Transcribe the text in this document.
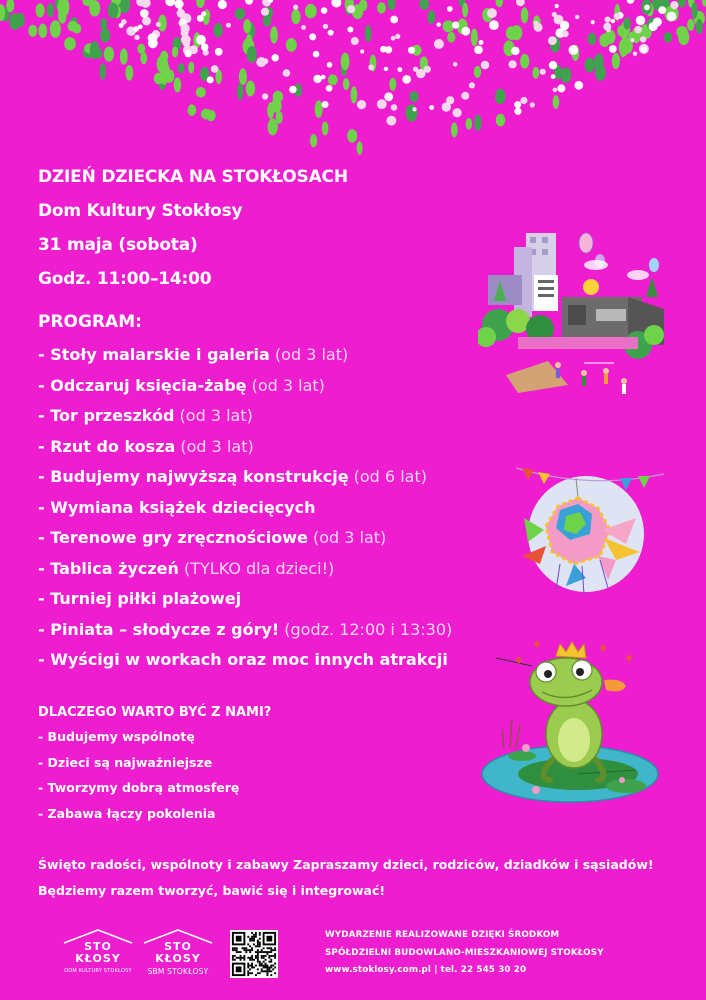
DZIEŃ DZIECKA NA STOKŁOSACH
Dom Kultury Stokłosy
31 maja (sobota)
Godz. 11:00–14:00
PROGRAM:
- Stoły malarskie i galeria (od 3 lat)
- Odczaruj księcia-żabę (od 3 lat)
- Tor przeszkód (od 3 lat)
- Rzut do kosza (od 3 lat)
- Budujemy najwyższą konstrukcję (od 6 lat)
- Wymiana książek dziecięcych
- Terenowe gry zręcznościowe (od 3 lat)
- Tablica życzeń (TYLKO dla dzieci!)
- Turniej piłki plażowej
- Piniata – słodycze z góry! (godz. 12:00 i 13:30)
- Wyścigi w workach oraz moc innych atrakcji
DLACZEGO WARTO BYĆ Z NAMI?
- Budujemy wspólnotę
- Dzieci są najważniejsze
- Tworzymy dobrą atmosferę
- Zabawa łączy pokolenia
Święto radości, wspólnoty i zabawy Zapraszamy dzieci, rodziców, dziadków i sąsiadów!
Będziemy razem tworzyć, bawić się i integrować!
STO
KŁOSY
DOM KULTURY STOKŁOSY
STO
KŁOSY
SBM STOKŁOSY
WYDARZENIE REALIZOWANE DZIĘKI ŚRODKOM
SPÓŁDZIELNI BUDOWLANO-MIESZKANIOWEJ STOKŁOSY
www.stoklosy.com.pl | tel. 22 545 30 20
